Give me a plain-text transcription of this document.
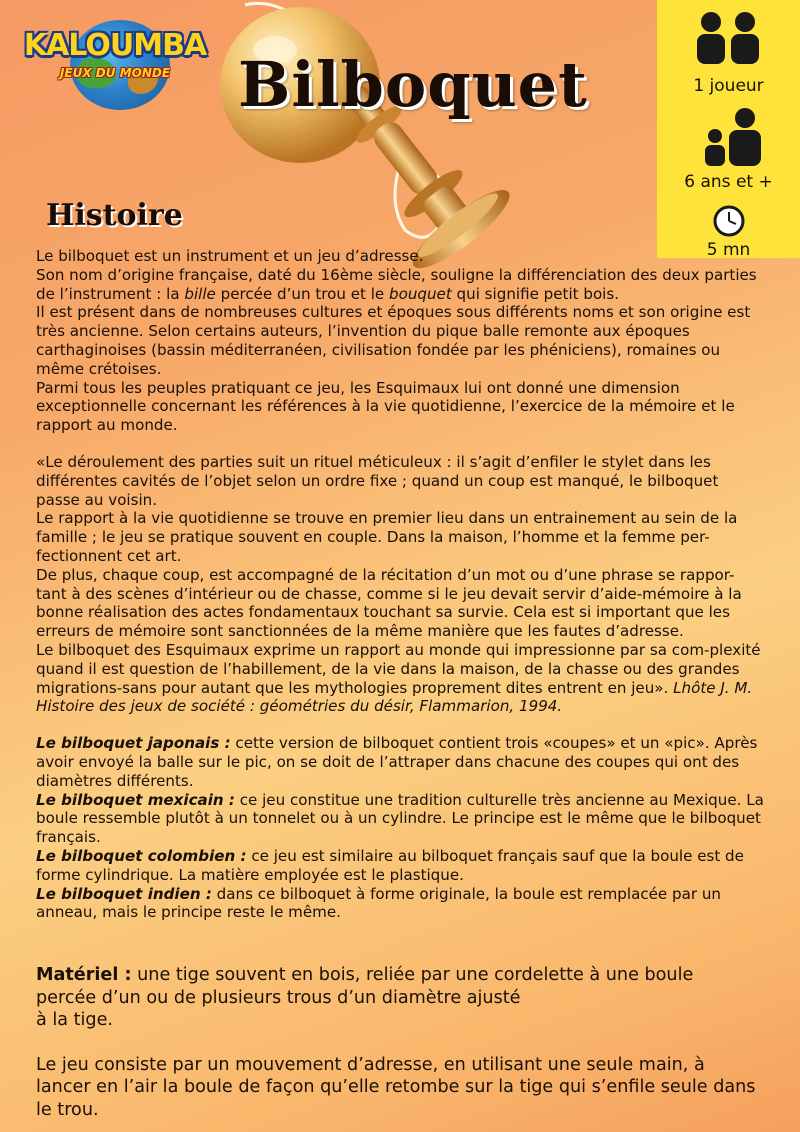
KALOUMBA
JEUX DU MONDE Bilboquet	1 joueur
6 ans et +
5 mn
Histoire

Le bilboquet est un instrument et un jeu d’adresse.

Son nom d’origine française, daté du 16ème siècle, souligne la différenciation des deux parties de l’instrument : la bille percée d’un trou et le bouquet qui signifie petit bois.

Il est présent dans de nombreuses cultures et époques sous différents noms et son origine est très ancienne. Selon certains auteurs, l’invention du pique balle remonte aux époques carthaginoises (bassin méditerranéen, civilisation fondée par les phéniciens), romaines ou même crétoises.

Parmi tous les peuples pratiquant ce jeu, les Esquimaux lui ont donné une dimension exceptionnelle concernant les références à la vie quotidienne, l’exercice de la mémoire et le rapport au monde.

«Le déroulement des parties suit un rituel méticuleux : il s’agit d’enfiler le stylet dans les différentes cavités de l’objet selon un ordre fixe ; quand un coup est manqué, le bilboquet passe au voisin.

Le rapport à la vie quotidienne se trouve en premier lieu dans un entrainement au sein de la famille ; le jeu se pratique souvent en couple. Dans la maison, l’homme et la femme per-fectionnent cet art.

De plus, chaque coup, est accompagné de la récitation d’un mot ou d’une phrase se rappor-tant à des scènes d’intérieur ou de chasse, comme si le jeu devait servir d’aide-mémoire à la bonne réalisation des actes fondamentaux touchant sa survie. Cela est si important que les erreurs de mémoire sont sanctionnées de la même manière que les fautes d’adresse.

Le bilboquet des Esquimaux exprime un rapport au monde qui impressionne par sa com-plexité quand il est question de l’habillement, de la vie dans la maison, de la chasse ou des grandes migrations-sans pour autant que les mythologies proprement dites entrent en jeu». Lhôte J. M. Histoire des jeux de société : géométries du désir, Flammarion, 1994.

Le bilboquet japonais : cette version de bilboquet contient trois «coupes» et un «pic». Après avoir envoyé la balle sur le pic, on se doit de l’attraper dans chacune des coupes qui ont des diamètres différents.

Le bilboquet mexicain : ce jeu constitue une tradition culturelle très ancienne au Mexique. La boule ressemble plutôt à un tonnelet ou à un cylindre. Le principe est le même que le bilboquet français.

Le bilboquet colombien : ce jeu est similaire au bilboquet français sauf que la boule est de forme cylindrique. La matière employée est le plastique.

Le bilboquet indien : dans ce bilboquet à forme originale, la boule est remplacée par un anneau, mais le principe reste le même.

Matériel : une tige souvent en bois, reliée par une cordelette à une boule

percée d’un ou de plusieurs trous d’un diamètre ajusté

à la tige.

Le jeu consiste par un mouvement d’adresse, en utilisant une seule main, à lancer en l’air la boule de façon qu’elle retombe sur la tige qui s’enfile seule dans le trou.
